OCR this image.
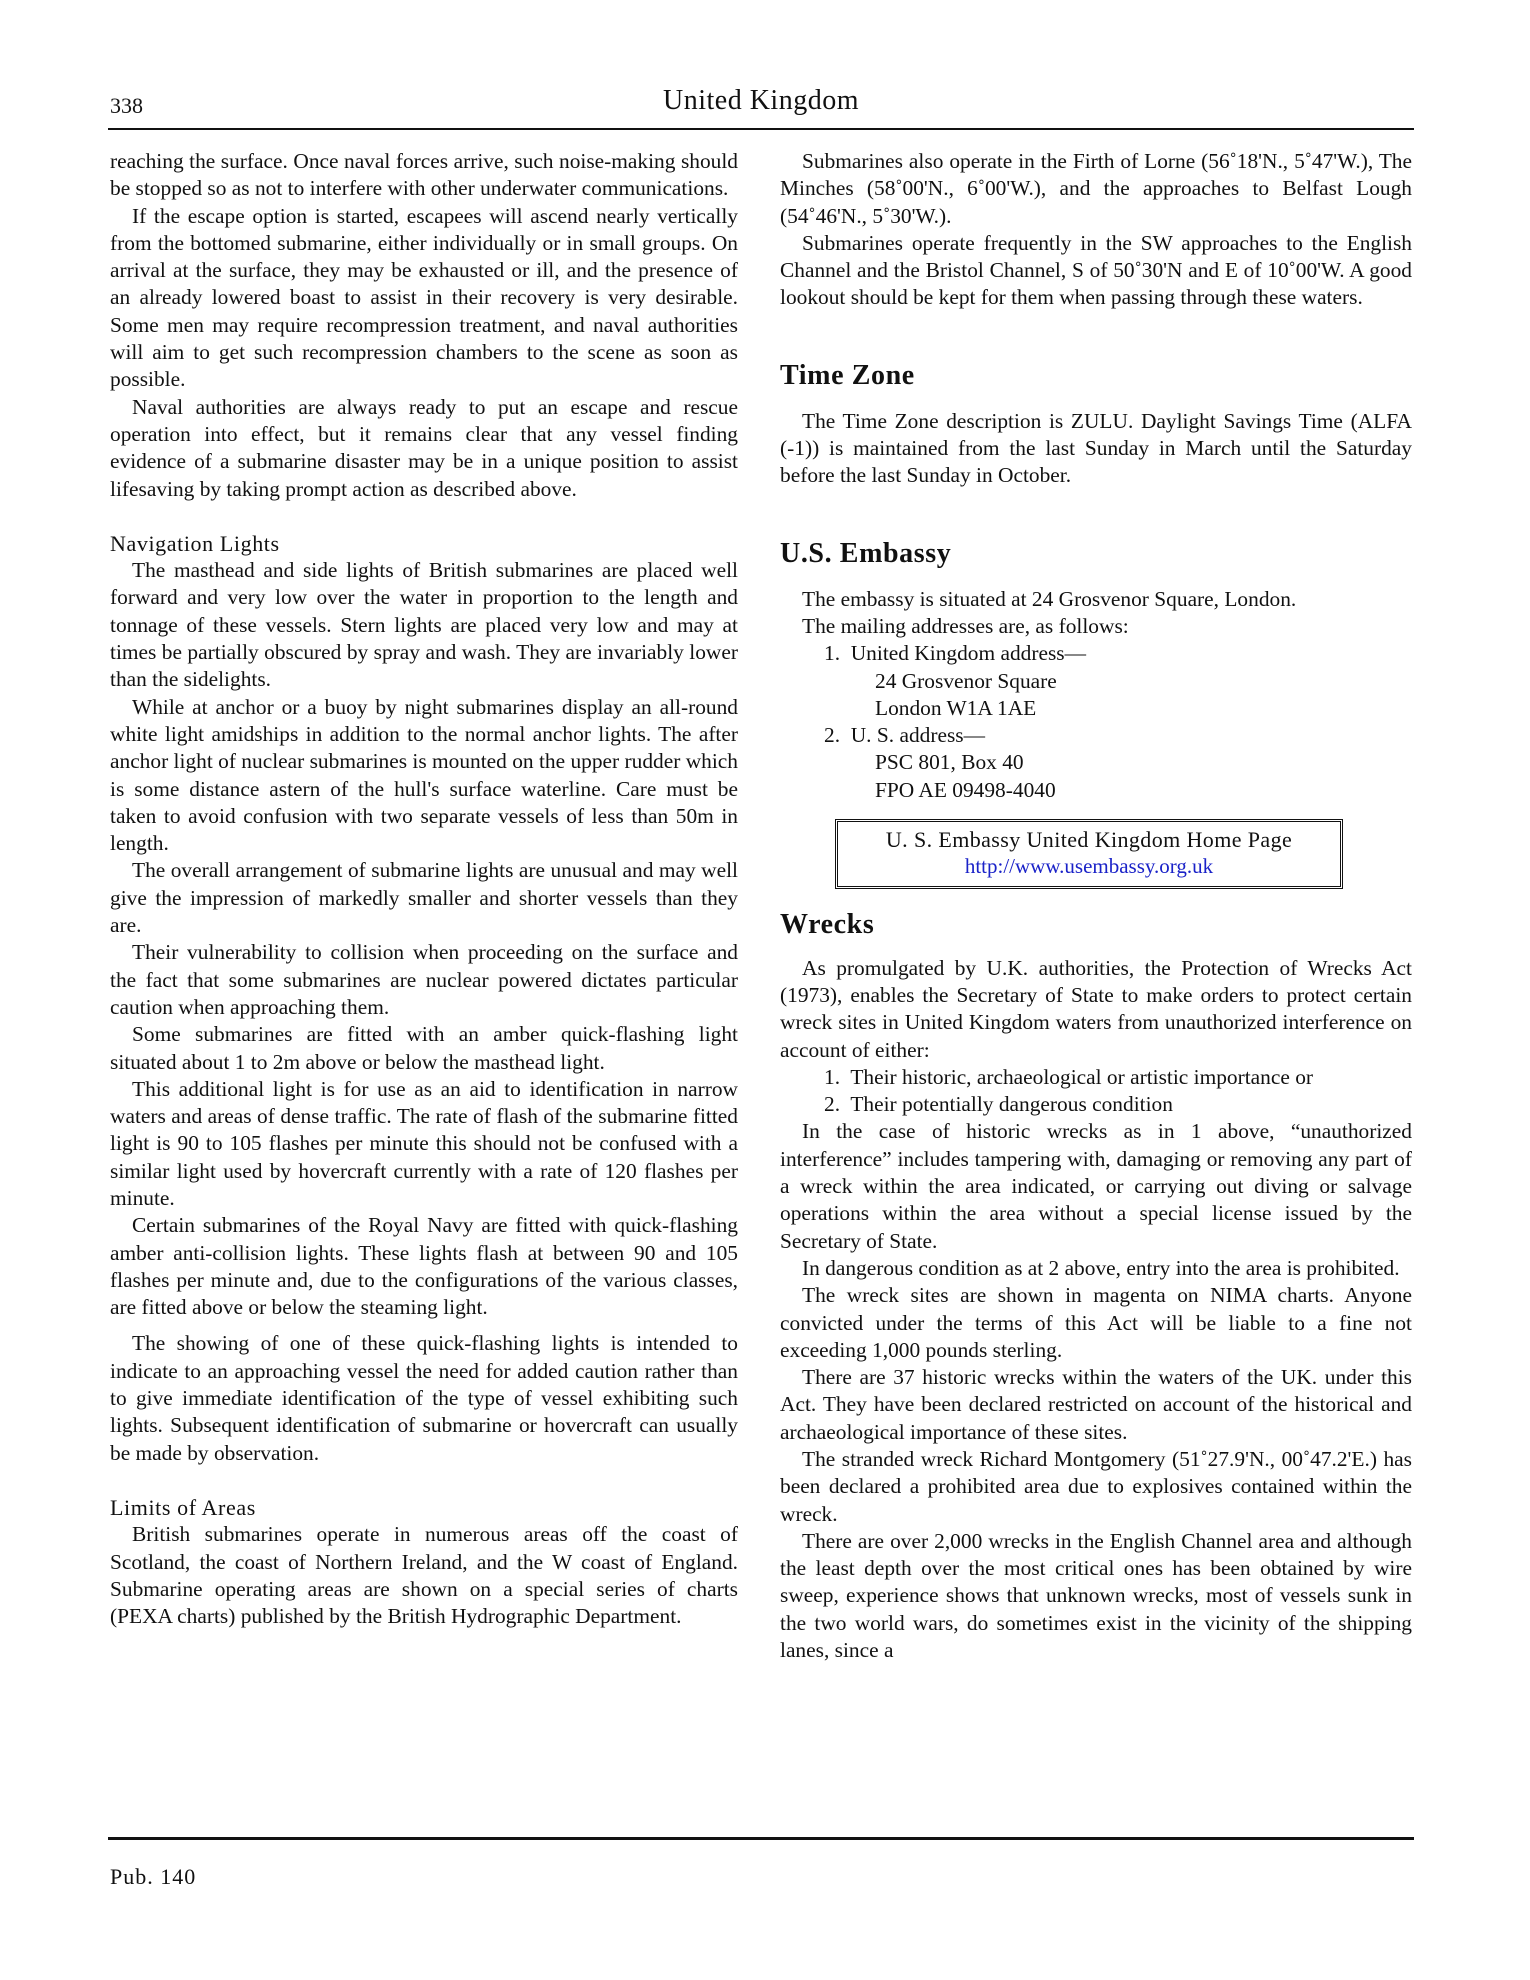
338	United Kingdom

reaching the surface. Once naval forces arrive, such noise-making should be stopped so as not to interfere with other underwater communications.

If the escape option is started, escapees will ascend nearly vertically from the bottomed submarine, either individually or in small groups. On arrival at the surface, they may be exhausted or ill, and the presence of an already lowered boast to assist in their recovery is very desirable. Some men may require recompression treatment, and naval authorities will aim to get such recompression chambers to the scene as soon as possible.

Naval authorities are always ready to put an escape and rescue operation into effect, but it remains clear that any vessel finding evidence of a submarine disaster may be in a unique position to assist lifesaving by taking prompt action as described above.

Navigation Lights

The masthead and side lights of British submarines are placed well forward and very low over the water in proportion to the length and tonnage of these vessels. Stern lights are placed very low and may at times be partially obscured by spray and wash. They are invariably lower than the sidelights.

While at anchor or a buoy by night submarines display an all-round white light amidships in addition to the normal anchor lights. The after anchor light of nuclear submarines is mounted on the upper rudder which is some distance astern of the hull's surface waterline. Care must be taken to avoid confusion with two separate vessels of less than 50m in length.

The overall arrangement of submarine lights are unusual and may well give the impression of markedly smaller and shorter vessels than they are.

Their vulnerability to collision when proceeding on the surface and the fact that some submarines are nuclear powered dictates particular caution when approaching them.

Some submarines are fitted with an amber quick-flashing light situated about 1 to 2m above or below the masthead light.

This additional light is for use as an aid to identification in narrow waters and areas of dense traffic. The rate of flash of the submarine fitted light is 90 to 105 flashes per minute this should not be confused with a similar light used by hovercraft currently with a rate of 120 flashes per minute.

Certain submarines of the Royal Navy are fitted with quick-flashing amber anti-collision lights. These lights flash at between 90 and 105 flashes per minute and, due to the configurations of the various classes, are fitted above or below the steaming light.

The showing of one of these quick-flashing lights is intended to indicate to an approaching vessel the need for added caution rather than to give immediate identification of the type of vessel exhibiting such lights. Subsequent identification of submarine or hovercraft can usually be made by observation.

Limits of Areas

British submarines operate in numerous areas off the coast of Scotland, the coast of Northern Ireland, and the W coast of England. Submarine operating areas are shown on a special series of charts (PEXA charts) published by the British Hydrographic Department.

Submarines also operate in the Firth of Lorne (56˚18'N., 5˚47'W.), The Minches (58˚00'N., 6˚00'W.), and the approaches to Belfast Lough (54˚46'N., 5˚30'W.).

Submarines operate frequently in the SW approaches to the English Channel and the Bristol Channel, S of 50˚30'N and E of 10˚00'W. A good lookout should be kept for them when passing through these waters.

Time Zone

The Time Zone description is ZULU. Daylight Savings Time (ALFA (-1)) is maintained from the last Sunday in March until the Saturday before the last Sunday in October.

U.S. Embassy
The embassy is situated at 24 Grosvenor Square, London.
The mailing addresses are, as follows:
1.  United Kingdom address—
24 Grosvenor Square
London W1A 1AE
2.  U. S. address—
PSC 801, Box 40
FPO AE 09498-4040
U. S. Embassy United Kingdom Home Page
http://www.usembassy.org.uk
Wrecks

As promulgated by U.K. authorities, the Protection of Wrecks Act (1973), enables the Secretary of State to make orders to protect certain wreck sites in United Kingdom waters from unauthorized interference on account of either:

1.  Their historic, archaeological or artistic importance or
2.  Their potentially dangerous condition

In the case of historic wrecks as in 1 above, “unauthorized interference” includes tampering with, damaging or removing any part of a wreck within the area indicated, or carrying out diving or salvage operations within the area without a special license issued by the Secretary of State.

In dangerous condition as at 2 above, entry into the area is prohibited.

The wreck sites are shown in magenta on NIMA charts. Anyone convicted under the terms of this Act will be liable to a fine not exceeding 1,000 pounds sterling.

There are 37 historic wrecks within the waters of the UK. under this Act. They have been declared restricted on account of the historical and archaeological importance of these sites.

The stranded wreck Richard Montgomery (51˚27.9'N., 00˚47.2'E.) has been declared a prohibited area due to explosives contained within the wreck.

There are over 2,000 wrecks in the English Channel area and although the least depth over the most critical ones has been obtained by wire sweep, experience shows that unknown wrecks, most of vessels sunk in the two world wars, do sometimes exist in the vicinity of the shipping lanes, since a

Pub. 140
